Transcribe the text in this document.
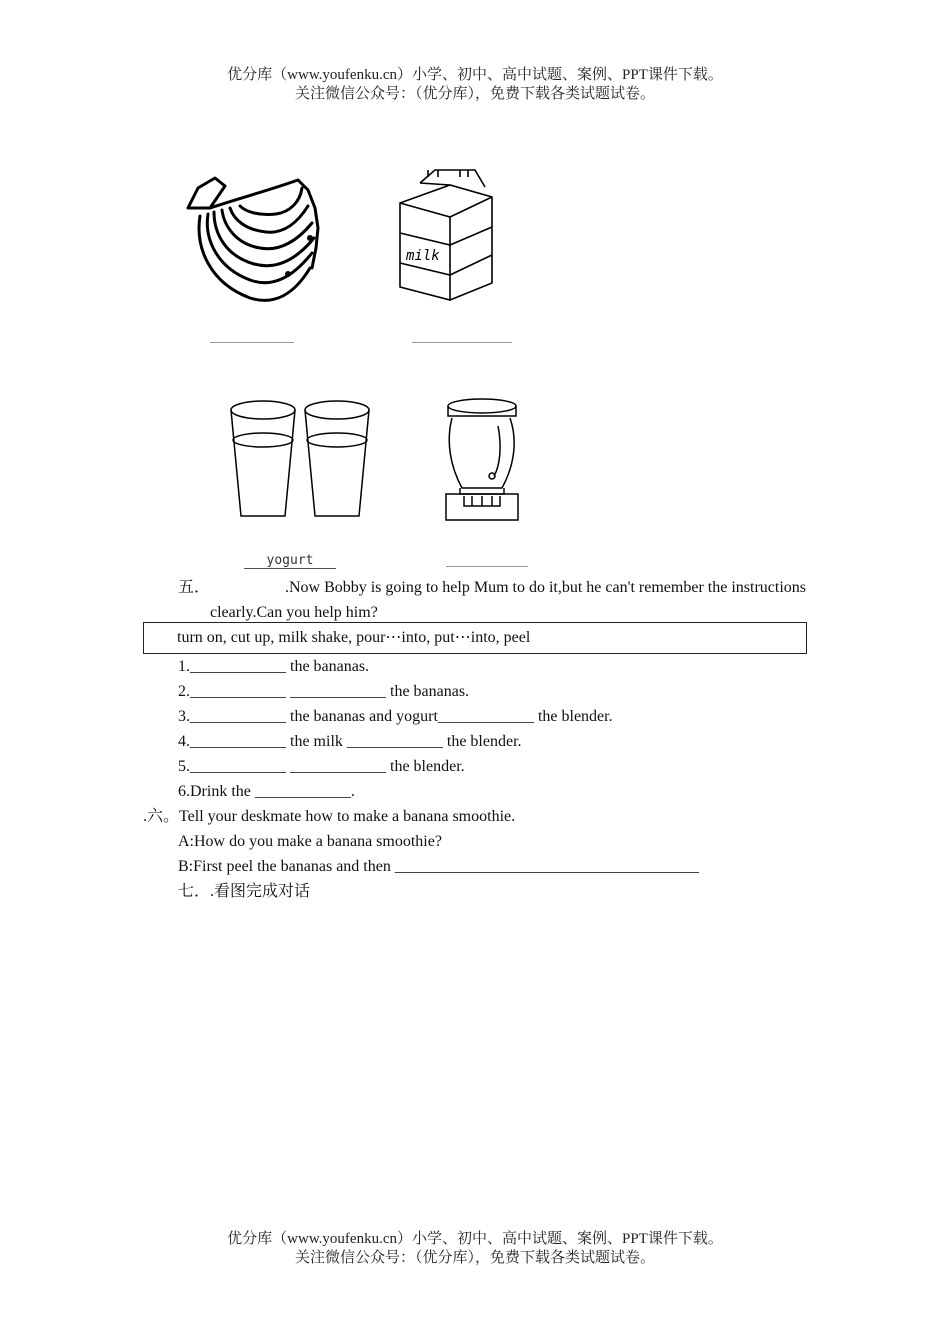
优分库（www.youfenku.cn）小学、初中、高中试题、案例、PPT课件下载。
关注微信公众号：（优分库），免费下载各类试题试卷。
milk
yogurt
五．	.Now Bobby is going to help Mum to do it,but he can't remember the instructions
clearly.Can you help him?
turn on, cut up, milk shake, pour⋯into, put⋯into, peel
1.____________ the bananas.
2.____________ ____________ the bananas.
3.____________ the bananas and yogurt____________ the blender.
4.____________ the milk ____________ the blender.
5.____________ ____________ the blender.
6.Drink the ____________.
.六。Tell your deskmate how to make a banana smoothie.
A:How do you make a banana smoothie?
B:First peel the bananas and then ______________________________________
七．.看图完成对话
优分库（www.youfenku.cn）小学、初中、高中试题、案例、PPT课件下载。
关注微信公众号：（优分库），免费下载各类试题试卷。
